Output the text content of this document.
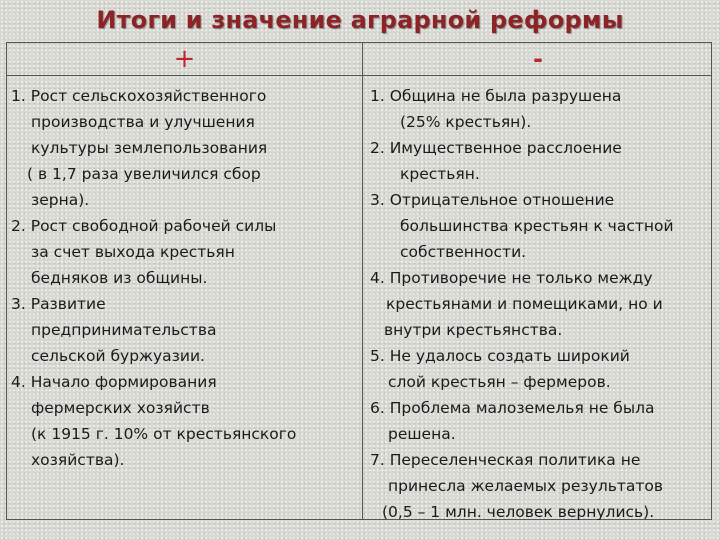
Итоги и значение аграрной реформы
+	-
1. Рост сельскохозяйственного
производства и улучшения
культуры землепользования
( в 1,7 раза увеличился сбор
зерна).
2. Рост свободной рабочей силы
за счет выхода крестьян
бедняков из общины.
3. Развитие
предпринимательства
сельской буржуазии.
4. Начало формирования
фермерских хозяйств
(к 1915 г. 10% от крестьянского
хозяйства).
1. Община не была разрушена
(25% крестьян).
2. Имущественное расслоение
крестьян.
3. Отрицательное отношение
большинства крестьян к частной
собственности.
4. Противоречие не только между
крестьянами и помещиками, но и
внутри крестьянства.
5. Не удалось создать широкий
слой крестьян – фермеров.
6. Проблема малоземелья не была
решена.
7. Переселенческая политика не
принесла желаемых результатов
(0,5 – 1 млн. человек вернулись).
